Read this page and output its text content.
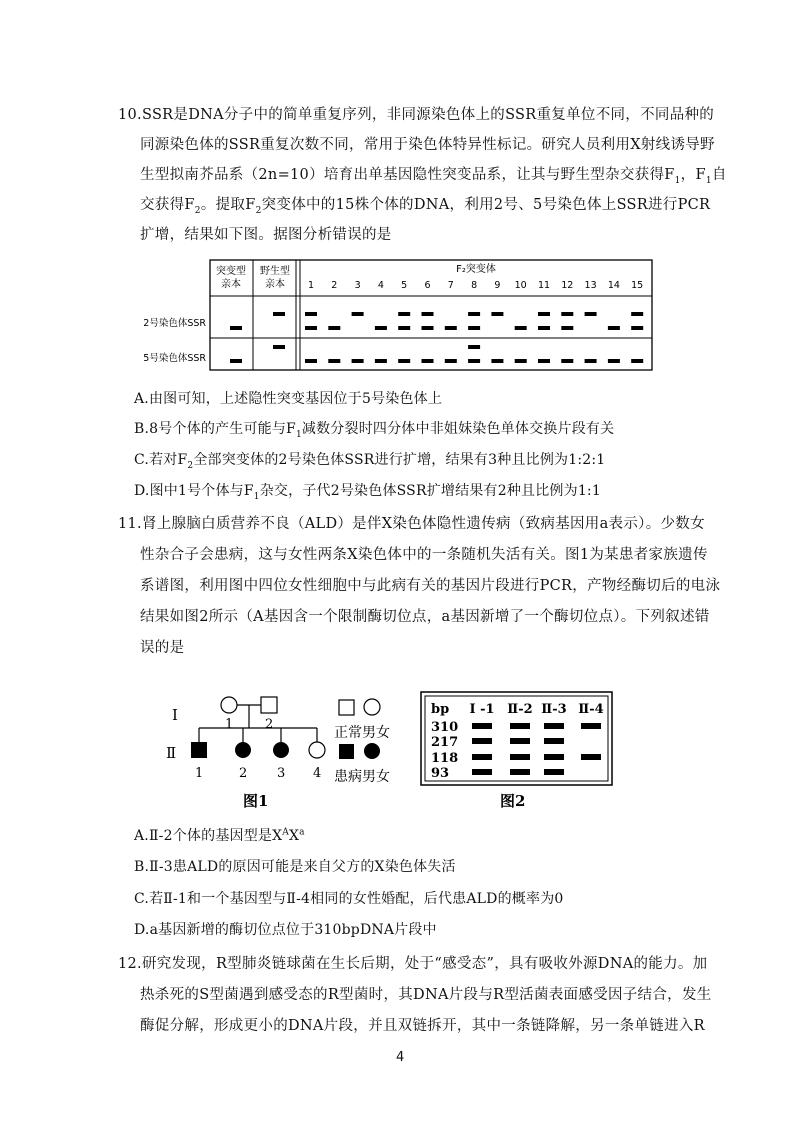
10.SSR是DNA分子中的简单重复序列，非同源染色体上的SSR重复单位不同，不同品种的
同源染色体的SSR重复次数不同，常用于染色体特异性标记。研究人员利用X射线诱导野
生型拟南芥品系（2n=10）培育出单基因隐性突变品系，让其与野生型杂交获得$F_1$，$F_1$自
交获得$F_2$。提取$F_2$突变体中的15株个体的DNA，利用2号、5号染色体上SSR进行PCR
扩增，结果如下图。据图分析错误的是
突变型
亲本
野生型
亲本
F₂突变体
1 2 3 4 5 6 7 8 9 10 11 12 13 14 15
2号染色体SSR
5号染色体SSR
A.由图可知，上述隐性突变基因位于5号染色体上
B.8号个体的产生可能与$F_1$减数分裂时四分体中非姐妹染色单体交换片段有关
C.若对$F_2$全部突变体的2号染色体SSR进行扩增，结果有3种且比例为1:2:1
D.图中1号个体与$F_1$杂交，子代2号染色体SSR扩增结果有2种且比例为1:1
11.肾上腺脑白质营养不良（ALD）是伴X染色体隐性遗传病（致病基因用a表示）。少数女
性杂合子会患病，这与女性两条X染色体中的一条随机失活有关。图1为某患者家族遗传
系谱图，利用图中四位女性细胞中与此病有关的基因片段进行PCR，产物经酶切后的电泳
结果如图2所示（A基因含一个限制酶切位点，a基因新增了一个酶切位点）。下列叙述错
误的是
I
Ⅱ
1 2
1	2 3 4
正常男女
患病男女
图1
bp I -1 Ⅱ-2 Ⅱ-3 Ⅱ-4
310
217
118
93
图2
A.Ⅱ-2个体的基因型是$X^AX^a$
B.Ⅱ-3患ALD的原因可能是来自父方的X染色体失活
C.若Ⅱ-1和一个基因型与Ⅱ-4相同的女性婚配，后代患ALD的概率为0
D.a基因新增的酶切位点位于310bpDNA片段中
12.研究发现，R型肺炎链球菌在生长后期，处于“感受态”，具有吸收外源DNA的能力。加
热杀死的S型菌遇到感受态的R型菌时，其DNA片段与R型活菌表面感受因子结合，发生
酶促分解，形成更小的DNA片段，并且双链拆开，其中一条链降解，另一条单链进入R
4
